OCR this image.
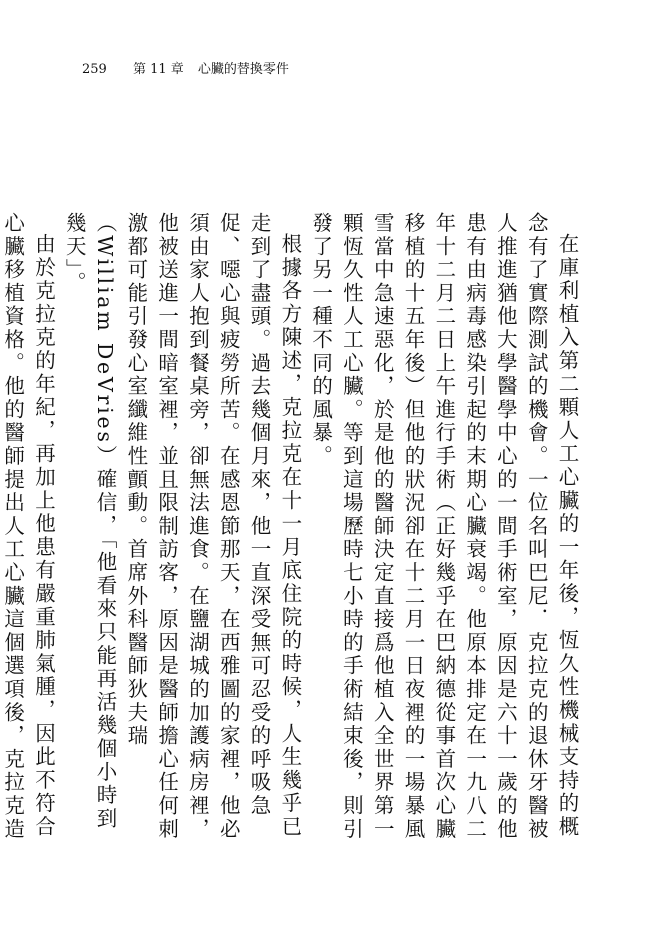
259 第 11 章 心臟的替換零件

在庫利植入第二顆人工心臟的一年後，恆久性機械支持的概念有了實際測試的機會。一位名叫巴尼．克拉克的退休牙醫被人推進猶他大學醫學中心的一間手術室，原因是六十一歲的他患有由病毒感染引起的末期心臟衰竭。他原本排定在一九八二年十二月二日上午進行手術（正好幾乎在巴納德從事首次心臟移植的十五年後）但他的狀況卻在十二月一日夜裡的一場暴風雪當中急速惡化，於是他的醫師決定直接爲他植入全世界第一顆恆久性人工心臟。等到這場歷時七小時的手術結束後，則引發了另一種不同的風暴。

根據各方陳述，克拉克在十一月底住院的時候，人生幾乎已走到了盡頭。過去幾個月來，他一直深受無可忍受的呼吸急促、噁心與疲勞所苦。在感恩節那天，在西雅圖的家裡，他必須由家人抱到餐桌旁，卻無法進食。在鹽湖城的加護病房裡，他被送進一間暗室裡，並且限制訪客，原因是醫師擔心任何刺激都可能引發心室纖維性顫動。首席外科醫師狄夫瑞（William DeVries）確信，「他看來只能再活幾個小時到幾天」。

由於克拉克的年紀，再加上他患有嚴重肺氣腫，因此不符合心臟移植資格。他的醫師提出人工心臟這個選項後，克拉克造
